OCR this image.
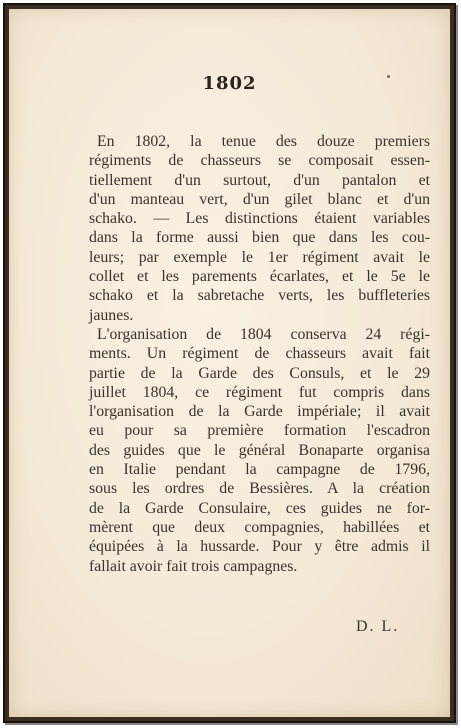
1802
En 1802, la tenue des douze premiers
régiments de chasseurs se composait essen-
tiellement d'un surtout, d'un pantalon et
d'un manteau vert, d'un gilet blanc et d'un
schako. — Les distinctions étaient variables
dans la forme aussi bien que dans les cou-
leurs; par exemple le 1er régiment avait le
collet et les parements écarlates, et le 5e le
schako et la sabretache verts, les buffleteries
jaunes.
L'organisation de 1804 conserva 24 régi-
ments. Un régiment de chasseurs avait fait
partie de la Garde des Consuls, et le 29
juillet 1804, ce régiment fut compris dans
l'organisation de la Garde impériale; il avait
eu pour sa première formation l'escadron
des guides que le général Bonaparte organisa
en Italie pendant la campagne de 1796,
sous les ordres de Bessières. A la création
de la Garde Consulaire, ces guides ne for-
mèrent que deux compagnies, habillées et
équipées à la hussarde. Pour y être admis il
fallait avoir fait trois campagnes.
D. L.
